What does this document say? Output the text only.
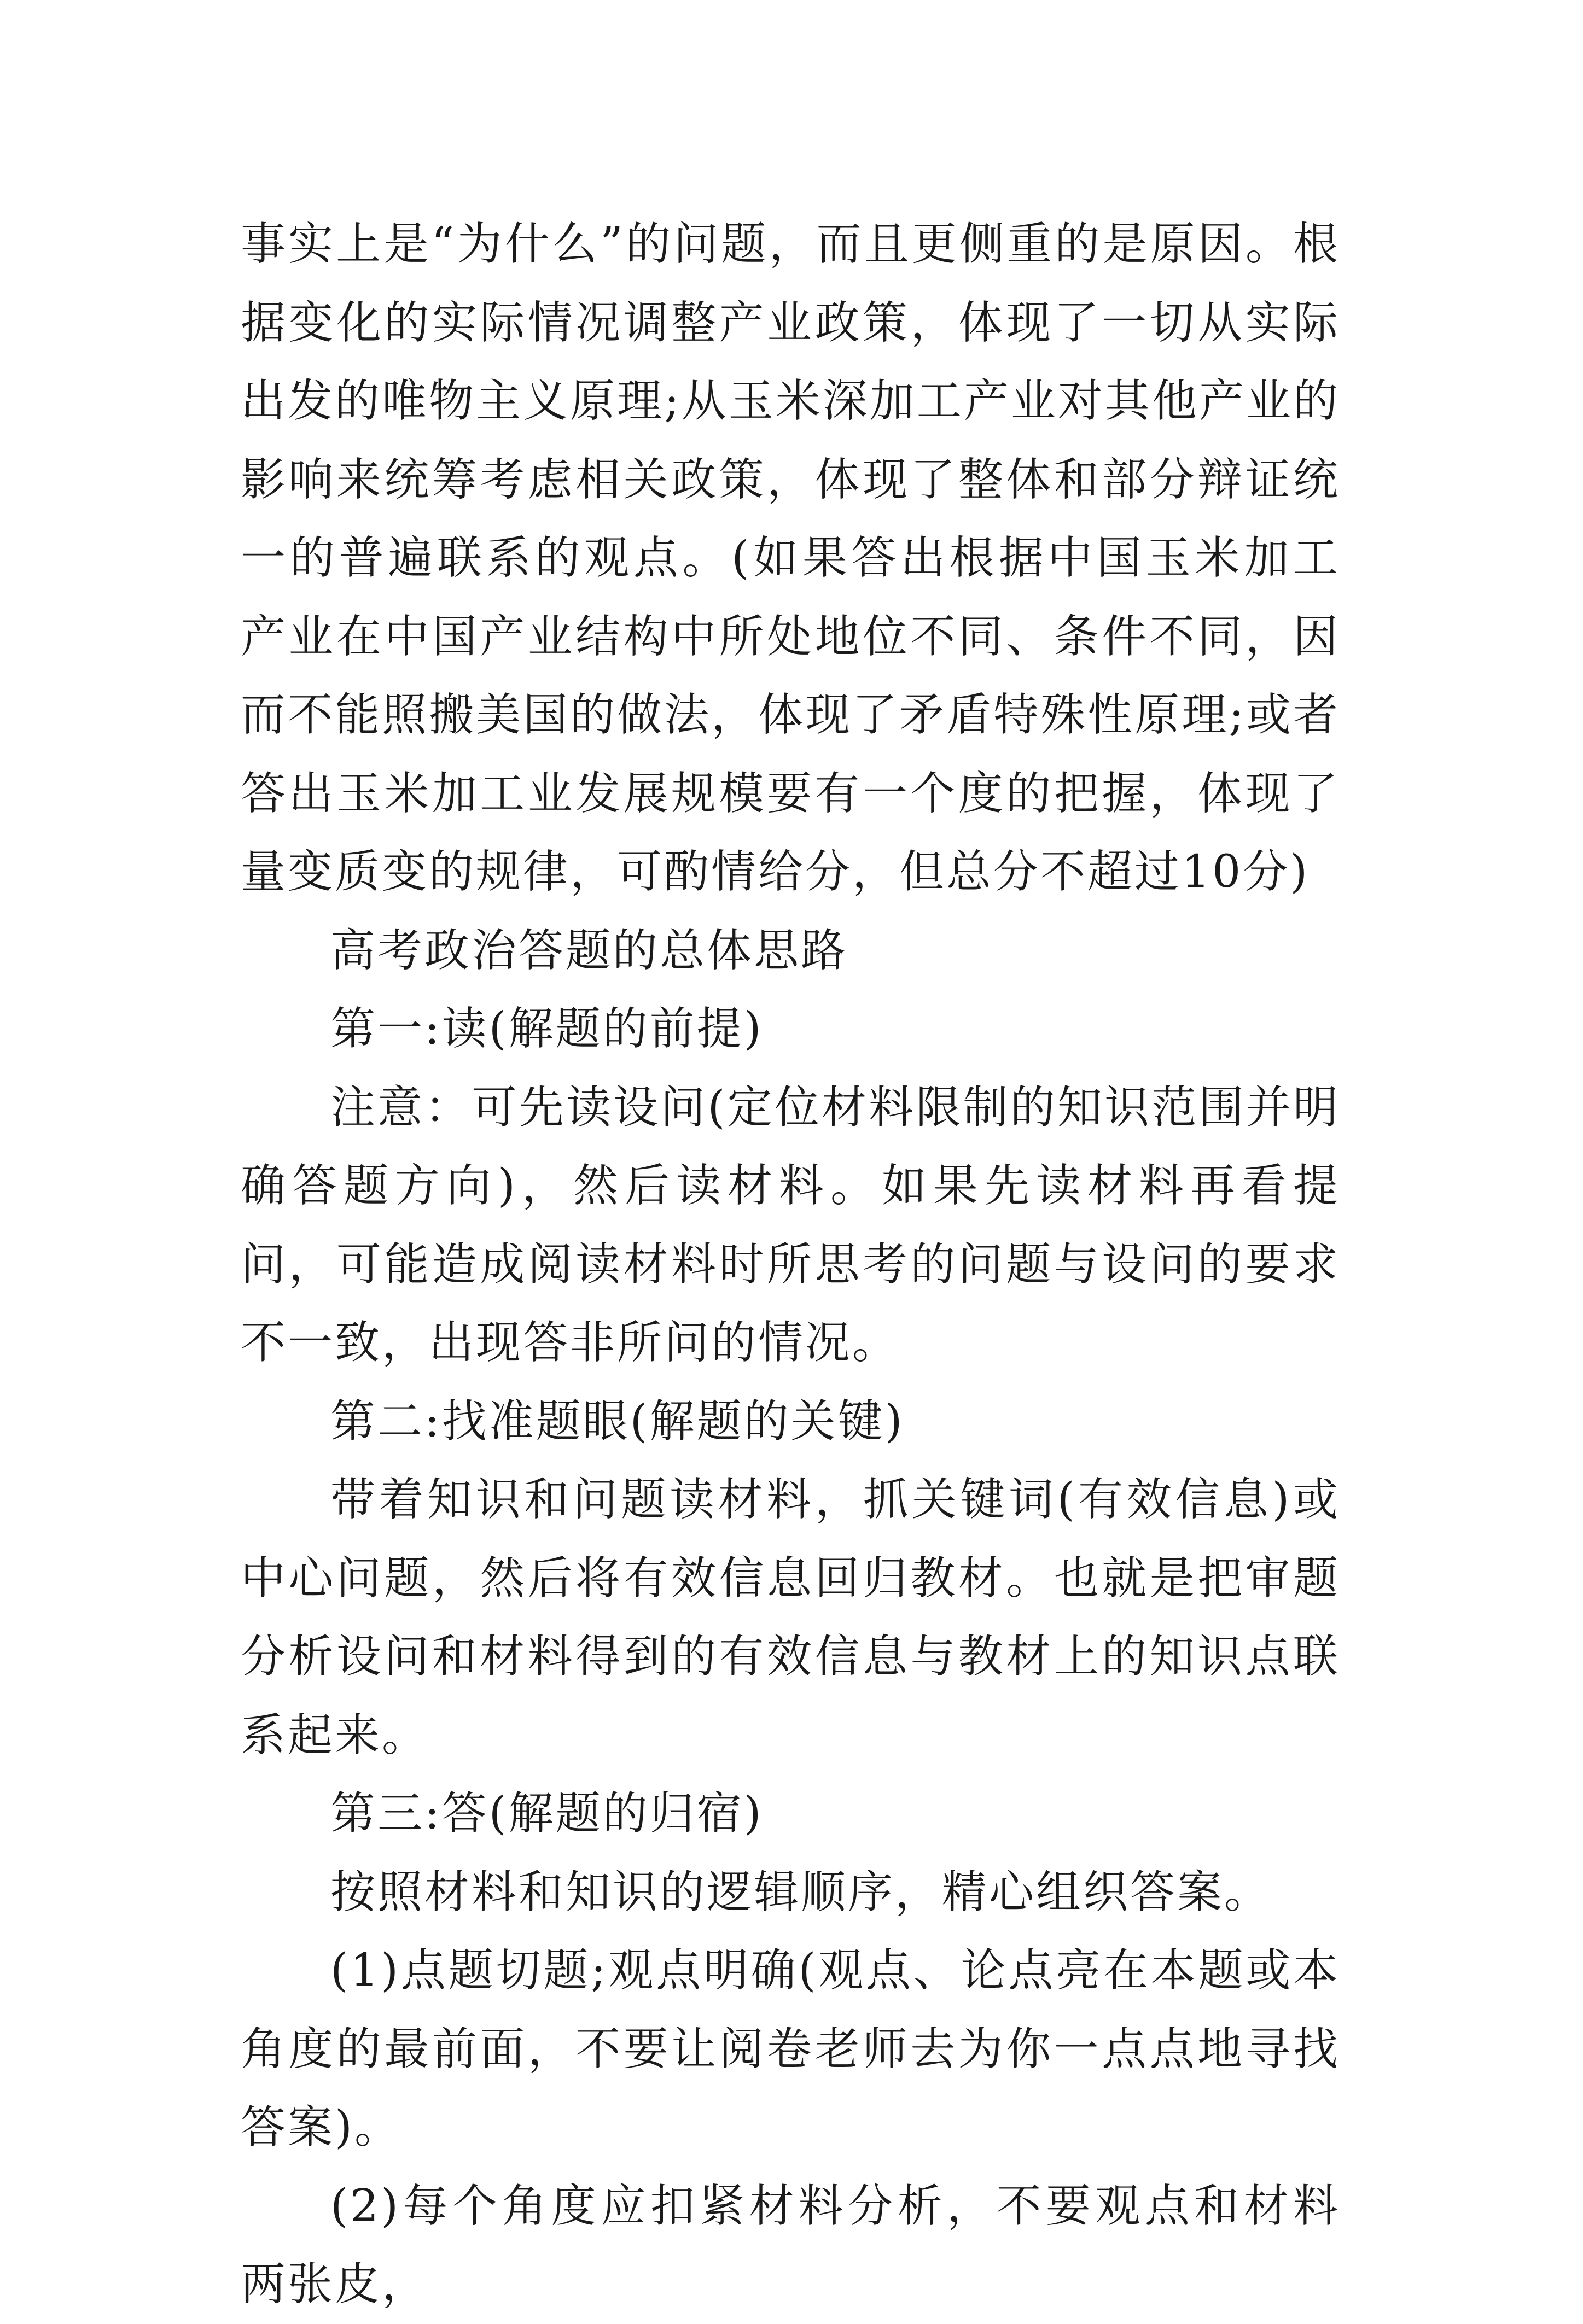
事实上是“为什么”的问题，而且更侧重的是原因。根据变化的实际情况调整产业政策，体现了一切从实际出发的唯物主义原理;从玉米深加工产业对其他产业的影响来统筹考虑相关政策，体现了整体和部分辩证统一的普遍联系的观点。(如果答出根据中国玉米加工产业在中国产业结构中所处地位不同、条件不同，因而不能照搬美国的做法，体现了矛盾特殊性原理;或者答出玉米加工业发展规模要有一个度的把握，体现了量变质变的规律，可酌情给分，但总分不超过10分)

高考政治答题的总体思路

第一:读(解题的前提)

注意：可先读设问(定位材料限制的知识范围并明确答题方向)，然后读材料。如果先读材料再看提问，可能造成阅读材料时所思考的问题与设问的要求不一致，出现答非所问的情况。

第二:找准题眼(解题的关键)

带着知识和问题读材料，抓关键词(有效信息)或中心问题，然后将有效信息回归教材。也就是把审题分析设问和材料得到的有效信息与教材上的知识点联系起来。

第三:答(解题的归宿)

按照材料和知识的逻辑顺序，精心组织答案。

(1)点题切题;观点明确(观点、论点亮在本题或本角度的最前面，不要让阅卷老师去为你一点点地寻找答案)。

(2)每个角度应扣紧材料分析，不要观点和材料两张皮，
